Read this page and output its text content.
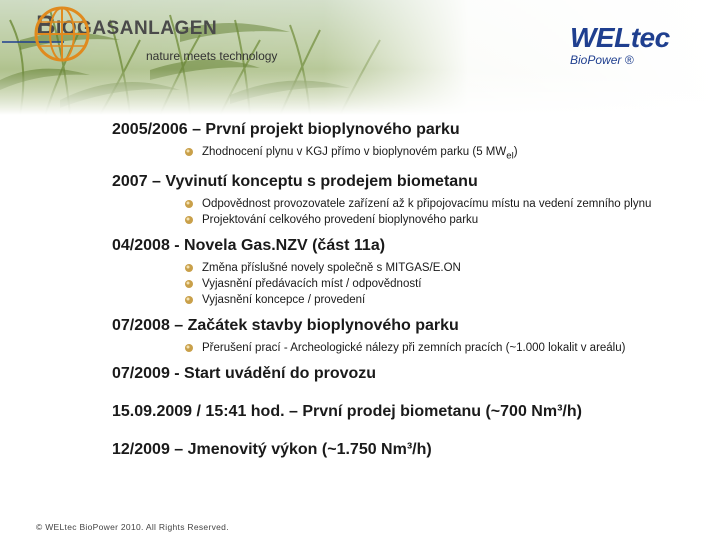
Biogasanlagen
nature meets technology
WELtec
BioPower ®
2005/2006 – První projekt bioplynového parku
Zhodnocení plynu v KGJ přímo v bioplynovém parku (5 $MW_{el}$)
2007 – Vyvinutí konceptu s prodejem biometanu
Odpovědnost provozovatele zařízení až k připojovacímu místu na vedení zemního plynu
Projektování celkového provedení bioplynového parku
04/2008 - Novela Gas.NZV (část 11a)
Změna příslušné novely společně s MITGAS/E.ON
Vyjasnění předávacích míst / odpovědností
Vyjasnění koncepce / provedení
07/2008 – Začátek stavby bioplynového parku
Přerušení prací - Archeologické nálezy při zemních pracích (~1.000 lokalit v areálu)
07/2009 - Start uvádění do provozu
15.09.2009 / 15:41 hod. – První prodej biometanu (~700 Nm³/h)
12/2009 – Jmenovitý výkon (~1.750 Nm³/h)
© WELtec BioPower 2010. All Rights Reserved.
